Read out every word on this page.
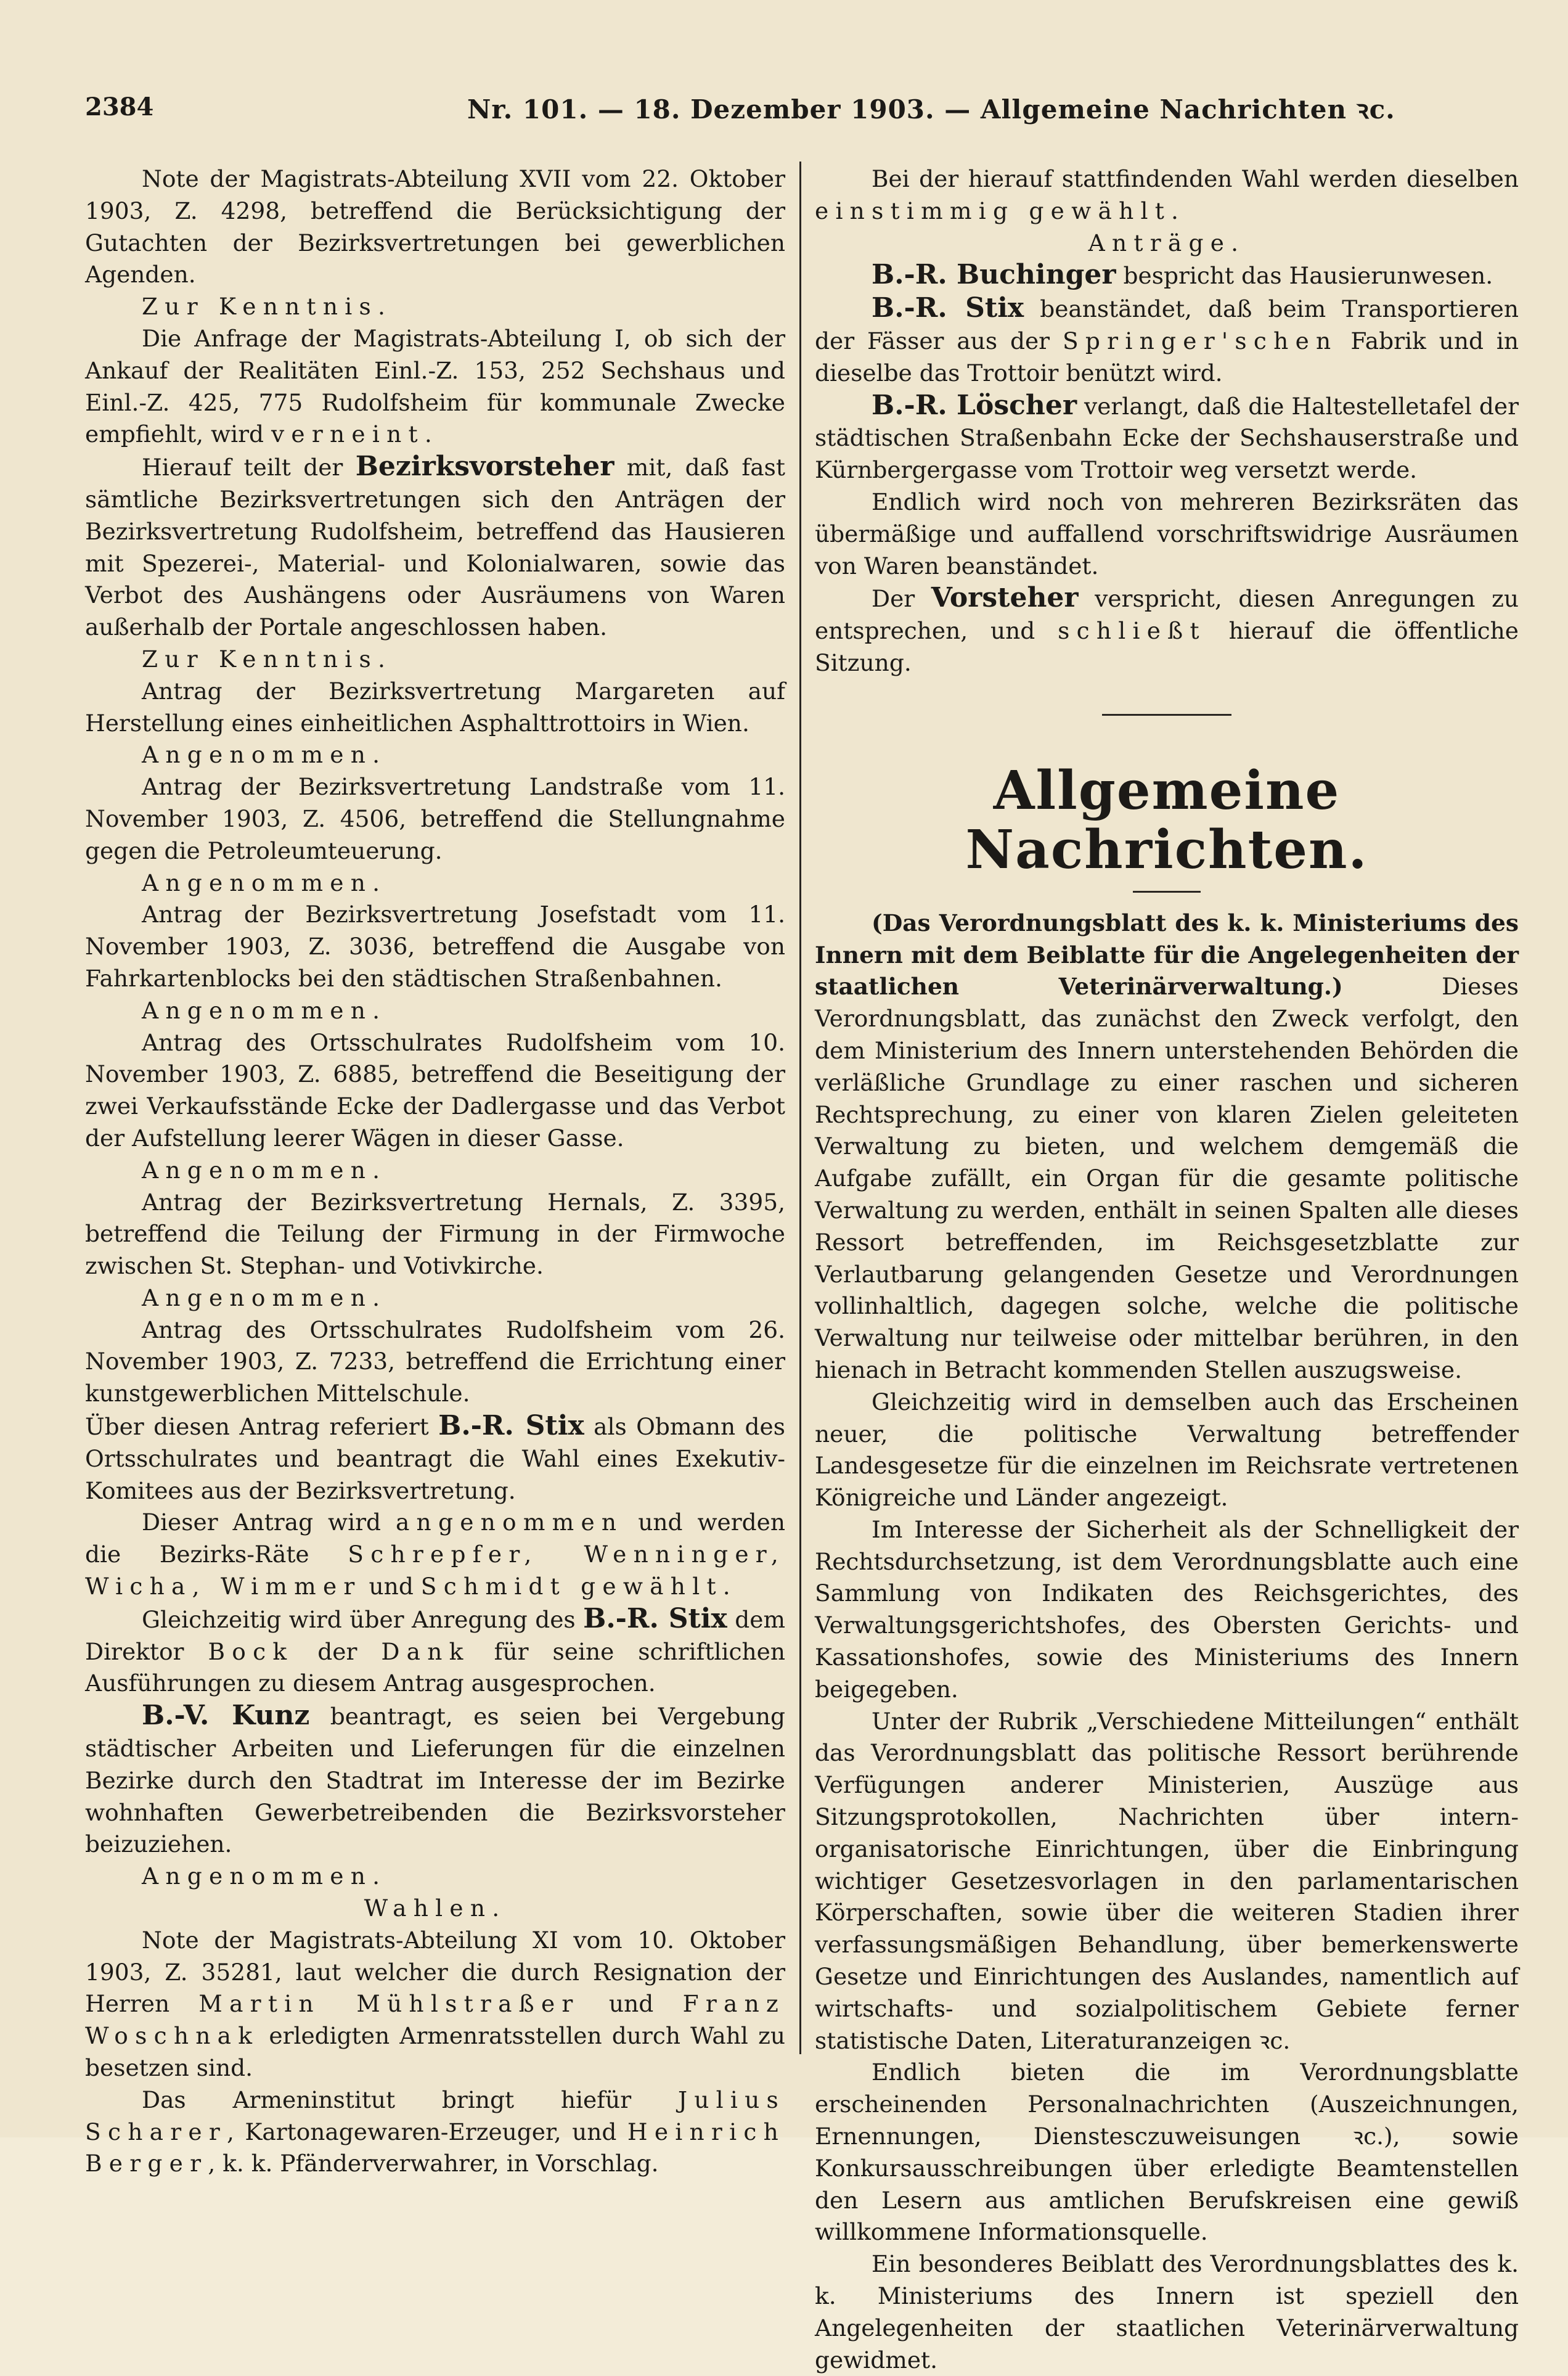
2384	Nr. 101. — 18. Dezember 1903. — Allgemeine Nachrichten ꝛc.

Note der Magistrats-Abteilung XVII vom 22. Oktober 1903, Z. 4298, betreffend die Berücksichtigung der Gutachten der Bezirksvertretungen bei gewerblichen Agenden.

Zur Kenntnis.

Die Anfrage der Magistrats-Abteilung I, ob sich der Ankauf der Realitäten Einl.-Z. 153, 252 Sechshaus und Einl.-Z. 425, 775 Rudolfsheim für kommunale Zwecke empfiehlt, wird verneint.

Hierauf teilt der Bezirksvorsteher mit, daß fast sämtliche Bezirksvertretungen sich den Anträgen der Bezirksvertretung Rudolfsheim, betreffend das Hausieren mit Spezerei-, Material- und Kolonialwaren, sowie das Verbot des Aushängens oder Ausräumens von Waren außerhalb der Portale angeschlossen haben.

Zur Kenntnis.

Antrag der Bezirksvertretung Margareten auf Herstellung eines einheitlichen Asphalttrottoirs in Wien.

Angenommen.

Antrag der Bezirksvertretung Landstraße vom 11. November 1903, Z. 4506, betreffend die Stellungnahme gegen die Petroleumteuerung.

Angenommen.

Antrag der Bezirksvertretung Josefstadt vom 11. November 1903, Z. 3036, betreffend die Ausgabe von Fahrkartenblocks bei den städtischen Straßenbahnen.

Angenommen.

Antrag des Ortsschulrates Rudolfsheim vom 10. November 1903, Z. 6885, betreffend die Beseitigung der zwei Verkaufsstände Ecke der Dadlergasse und das Verbot der Aufstellung leerer Wägen in dieser Gasse.

Angenommen.

Antrag der Bezirksvertretung Hernals, Z. 3395, betreffend die Teilung der Firmung in der Firmwoche zwischen St. Stephan- und Votivkirche.

Angenommen.

Antrag des Ortsschulrates Rudolfsheim vom 26. November 1903, Z. 7233, betreffend die Errichtung einer kunstgewerblichen Mittelschule.

Über diesen Antrag referiert B.-R. Stix als Obmann des Ortsschulrates und beantragt die Wahl eines Exekutiv-Komitees aus der Bezirksvertretung.

Dieser Antrag wird angenommen und werden die Bezirks-Räte Schrepfer, Wenninger, Wicha, Wimmer und Schmidt gewählt.

Gleichzeitig wird über Anregung des B.-R. Stix dem Direktor Bock der Dank für seine schriftlichen Ausführungen zu diesem Antrag ausgesprochen.

B.-V. Kunz beantragt, es seien bei Vergebung städtischer Arbeiten und Lieferungen für die einzelnen Bezirke durch den Stadtrat im Interesse der im Bezirke wohnhaften Gewerbetreibenden die Bezirksvorsteher beizuziehen.

Angenommen.

Wahlen.

Note der Magistrats-Abteilung XI vom 10. Oktober 1903, Z. 35281, laut welcher die durch Resignation der Herren Martin Mühlstraßer und Franz Woschnak erledigten Armenratsstellen durch Wahl zu besetzen sind.

Das Armeninstitut bringt hiefür Julius Scharer, Kartonagewaren-Erzeuger, und Heinrich Berger, k. k. Pfänderverwahrer, in Vorschlag.

Bei der hierauf stattfindenden Wahl werden dieselben einstimmig gewählt.

Anträge.

B.-R. Buchinger bespricht das Hausierunwesen.

B.-R. Stix beanständet, daß beim Transportieren der Fässer aus der Springer'schen Fabrik und in dieselbe das Trottoir benützt wird.

B.-R. Löscher verlangt, daß die Haltestelletafel der städtischen Straßenbahn Ecke der Sechshauserstraße und Kürnbergergasse vom Trottoir weg versetzt werde.

Endlich wird noch von mehreren Bezirksräten das übermäßige und auffallend vorschriftswidrige Ausräumen von Waren beanständet.

Der Vorsteher verspricht, diesen Anregungen zu entsprechen, und schließt hierauf die öffentliche Sitzung.

Allgemeine Nachrichten.

(Das Verordnungsblatt des k. k. Ministeriums des Innern mit dem Beiblatte für die Angelegenheiten der staatlichen Veterinärverwaltung.)	Dieses Verordnungsblatt, das zunächst den Zweck verfolgt, den dem Ministerium des Innern unterstehenden Behörden die verläßliche Grundlage zu einer raschen und sicheren Rechtsprechung, zu einer von klaren Zielen geleiteten Verwaltung zu bieten, und welchem demgemäß die Aufgabe zufällt, ein Organ für die gesamte politische Verwaltung zu werden, enthält in seinen Spalten alle dieses Ressort betreffenden, im Reichsgesetzblatte zur Verlautbarung gelangenden Gesetze und Verordnungen vollinhaltlich, dagegen solche, welche die politische Verwaltung nur teilweise oder mittelbar berühren, in den hienach in Betracht kommenden Stellen auszugsweise.

Gleichzeitig wird in demselben auch das Erscheinen neuer, die politische Verwaltung betreffender Landesgesetze für die einzelnen im Reichsrate vertretenen Königreiche und Länder angezeigt.

Im Interesse der Sicherheit als der Schnelligkeit der Rechtsdurchsetzung, ist dem Verordnungsblatte auch eine Sammlung von Indikaten des Reichsgerichtes, des Verwaltungsgerichtshofes, des Obersten Gerichts- und Kassationshofes, sowie des Ministeriums des Innern beigegeben.

Unter der Rubrik „Verschiedene Mitteilungen“ enthält das Verordnungsblatt das politische Ressort berührende Verfügungen anderer Ministerien, Auszüge aus Sitzungsprotokollen, Nachrichten über intern-organisatorische Einrichtungen, über die Einbringung wichtiger Gesetzesvorlagen in den parlamentarischen Körperschaften, sowie über die weiteren Stadien ihrer verfassungsmäßigen Behandlung, über bemerkenswerte Gesetze und Einrichtungen des Auslandes, namentlich auf wirtschafts- und sozialpolitischem Gebiete ferner statistische Daten, Literaturanzeigen ꝛc.

Endlich bieten die im Verordnungsblatte erscheinenden Personalnachrichten (Auszeichnungen, Ernennungen, Dienstesczuweisungen ꝛc.), sowie Konkursausschreibungen über erledigte Beamtenstellen den Lesern aus amtlichen Berufskreisen eine gewiß willkommene Informationsquelle.

Ein besonderes Beiblatt des Verordnungsblattes des k. k. Ministeriums des Innern ist speziell den Angelegenheiten der staatlichen Veterinärverwaltung gewidmet.
